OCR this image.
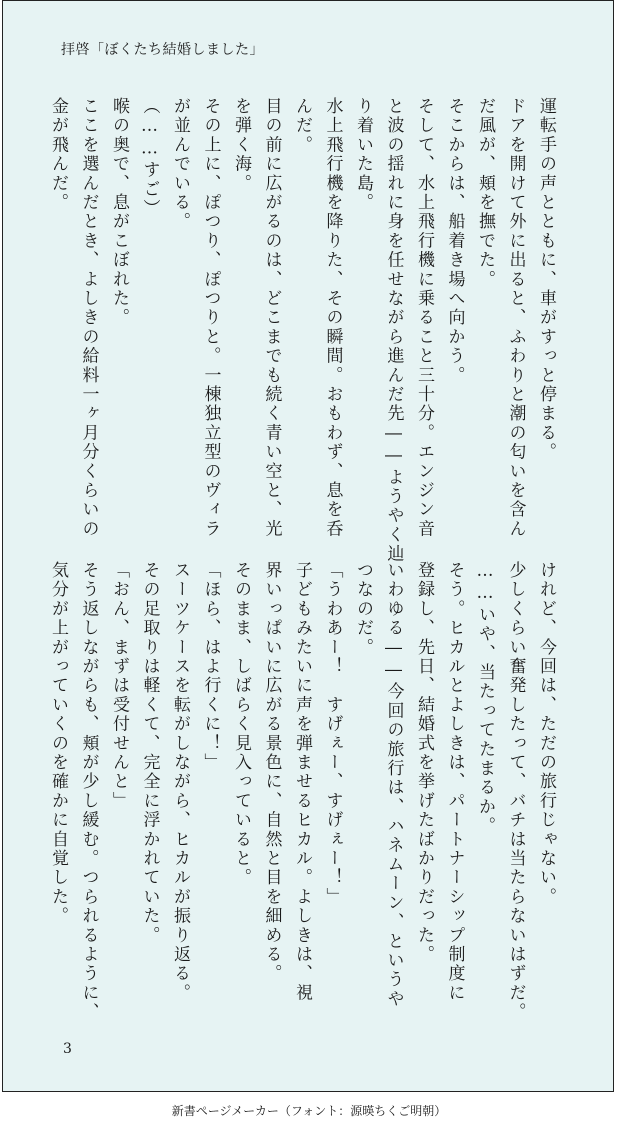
拝啓「ぼくたち結婚しました」

運転手の声とともに、車がすっと停まる。

ドアを開けて外に出ると、ふわりと潮の匂いを含ん

だ風が、頬を撫でた。

そこからは、船着き場へ向かう。

そして、水上飛行機に乗ること三十分。エンジン音

と波の揺れに身を任せながら進んだ先――ようやく辿

り着いた島。

水上飛行機を降りた、その瞬間。おもわず、息を呑

んだ。

目の前に広がるのは、どこまでも続く青い空と、光

を弾く海。

その上に、ぽつり、ぽつりと。一棟独立型のヴィラ

が並んでいる。

（……すご）

喉の奥で、息がこぼれた。

ここを選んだとき、よしきの給料一ヶ月分くらいの

金が飛んだ。

けれど、今回は、ただの旅行じゃない。

少しくらい奮発したって、バチは当たらないはずだ。

……いや、当たってたまるか。

そう。ヒカルとよしきは、パートナーシップ制度に

登録し、先日、結婚式を挙げたばかりだった。

いわゆる――今回の旅行は、ハネムーン、というや

つなのだ。

「うわあー！　すげぇー、すげぇー！」

子どもみたいに声を弾ませるヒカル。よしきは、視

界いっぱいに広がる景色に、自然と目を細める。

そのまま、しばらく見入っていると。

「ほら、はよ行くに！」

スーツケースを転がしながら、ヒカルが振り返る。

その足取りは軽くて、完全に浮かれていた。

「おん、まずは受付せんと」

そう返しながらも、頬が少し緩む。つられるように、

気分が上がっていくのを確かに自覚した。

3
新書ページメーカー（フォント：源暎ちくご明朝）
